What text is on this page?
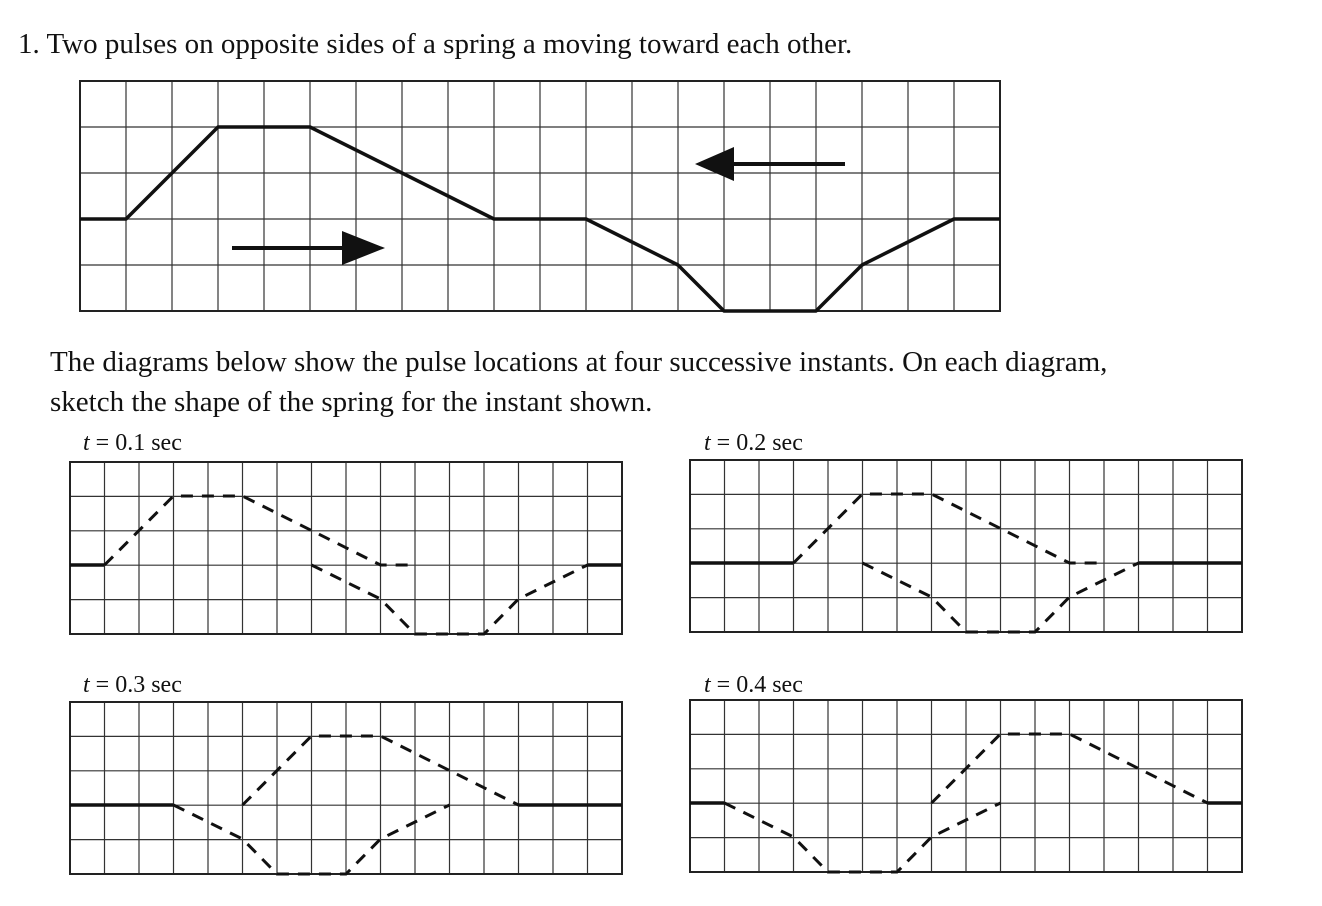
1. Two pulses on opposite sides of a spring a moving toward each other.

The diagrams below show the pulse locations at four successive instants. On each diagram,
sketch the shape of the spring for the instant shown.

t = 0.1 sec	t = 0.2 sec
t = 0.3 sec	t = 0.4 sec
